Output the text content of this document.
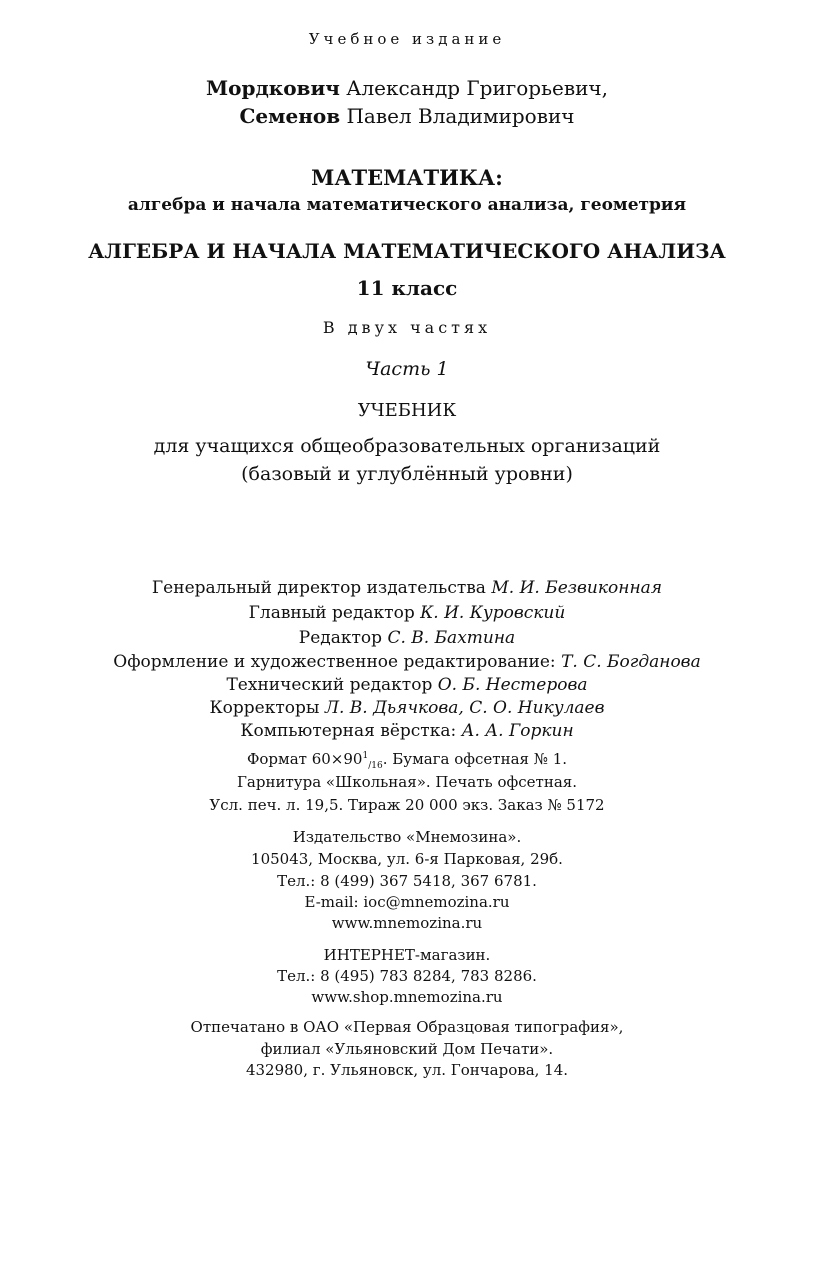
Учебное издание
Мордкович Александр Григорьевич,
Семенов Павел Владимирович
МАТЕМАТИКА:
алгебра и начала математического анализа, геометрия
АЛГЕБРА И НАЧАЛА МАТЕМАТИЧЕСКОГО АНАЛИЗА
11 класс
В двух частях
Часть 1
УЧЕБНИК
для учащихся общеобразовательных организаций
(базовый и углублённый уровни)
Генеральный директор издательства М. И. Безвиконная
Главный редактор К. И. Куровский
Редактор С. В. Бахтина
Оформление и художественное редактирование: Т. С. Богданова
Технический редактор О. Б. Нестерова
Корректоры Л. В. Дьячкова, С. О. Никулаев
Компьютерная вёрстка: А. А. Горкин
Формат $60\times 90^1_{/16}$. Бумага офсетная № 1.
Гарнитура «Школьная». Печать офсетная.
Усл. печ. л. 19,5. Тираж 20 000 экз. Заказ № 5172
Издательство «Мнемозина».
105043, Москва, ул. 6-я Парковая, 29б.
Тел.: 8 (499) 367 5418, 367 6781.
E-mail: ioc@mnemozina.ru
www.mnemozina.ru
ИНТЕРНЕТ-магазин.
Тел.: 8 (495) 783 8284, 783 8286.
www.shop.mnemozina.ru
Отпечатано в ОАО «Первая Образцовая типография»,
филиал «Ульяновский Дом Печати».
432980, г. Ульяновск, ул. Гончарова, 14.
